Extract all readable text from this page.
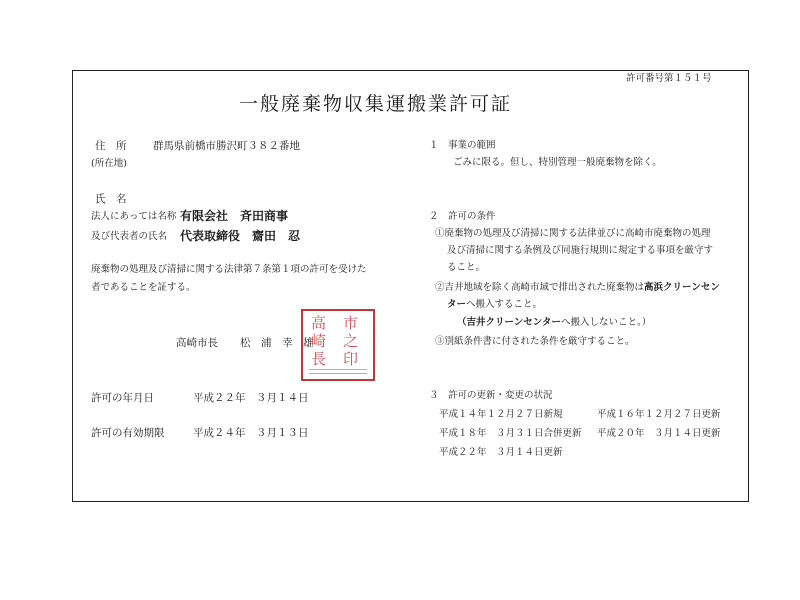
許可番号第１５１号
一般廃棄物収集運搬業許可証
住　所	群馬県前橋市勝沢町３８２番地
(所在地)
氏　名
法人にあっては名称 有限会社　斉田商事
及び代表者の氏名 代表取締役　齋田　忍
廃棄物の処理及び清掃に関する法律第７条第１項の許可を受けた
者であることを証する。
高崎市長 松　浦　幸　雄
高
崎
長
市
之
印
許可の年月日	平成２２年　３月１４日
許可の有効期限	平成２４年　３月１３日
１　事業の範囲
ごみに限る。但し、特別管理一般廃棄物を除く。
２　許可の条件
①廃棄物の処理及び清掃に関する法律並びに高崎市廃棄物の処理
及び清掃に関する条例及び同施行規則に規定する事項を厳守す
ること。
②吉井地域を除く高崎市域で排出された廃棄物は高浜クリーンセン
ターへ搬入すること。
（吉井クリーンセンターへ搬入しないこと。）
③別紙条件書に付された条件を厳守すること。
３　許可の更新・変更の状況
平成１４年１２月２７日新規	平成１６年１２月２７日更新
平成１８年　３月３１日合併更新 平成２０年　３月１４日更新
平成２２年　３月１４日更新
